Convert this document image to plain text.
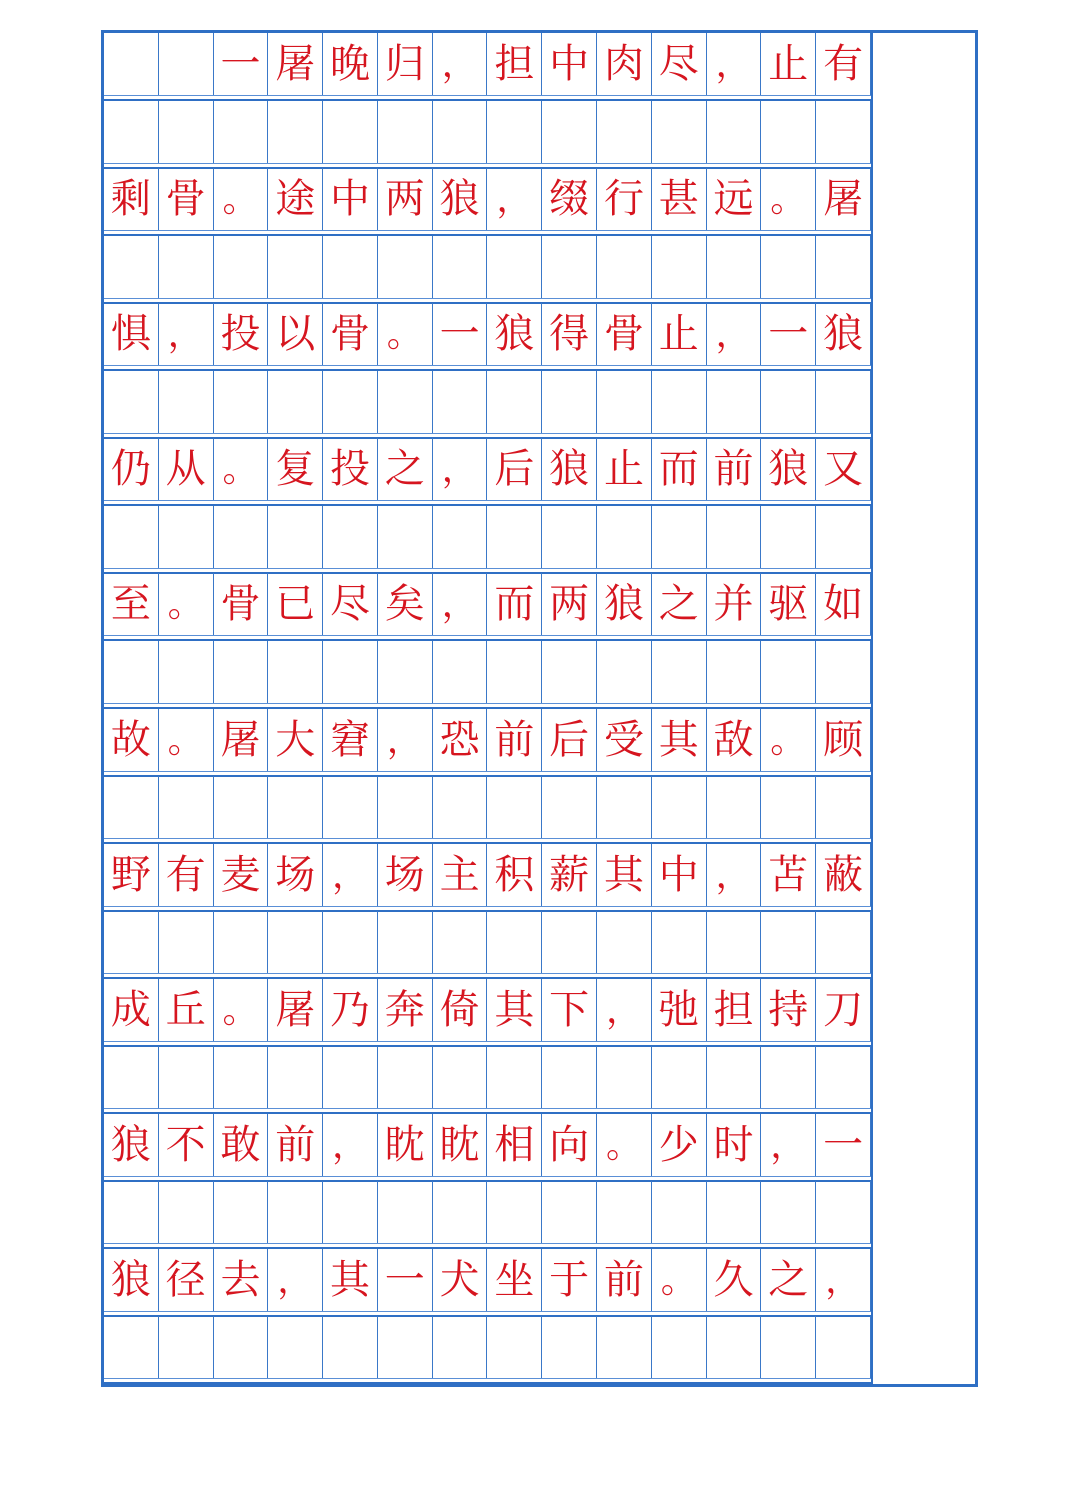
一 屠 晚 归 ， 担 中 肉 尽 ， 止 有
剩 骨 。 途 中 两 狼 ， 缀 行 甚 远 。 屠
惧 ， 投 以 骨 。 一 狼 得 骨 止 ， 一 狼
仍 从 。 复 投 之 ， 后 狼 止 而 前 狼 又
至 。 骨 已 尽 矣 ， 而 两 狼 之 并 驱 如
故 。 屠 大 窘 ， 恐 前 后 受 其 敌 。 顾
野 有 麦 场 ， 场 主 积 薪 其 中 ， 苫 蔽
成 丘 。 屠 乃 奔 倚 其 下 ， 弛 担 持 刀
狼 不 敢 前 ， 眈 眈 相 向 。 少 时 ， 一
狼 径 去 ， 其 一 犬 坐 于 前 。 久 之 ，
